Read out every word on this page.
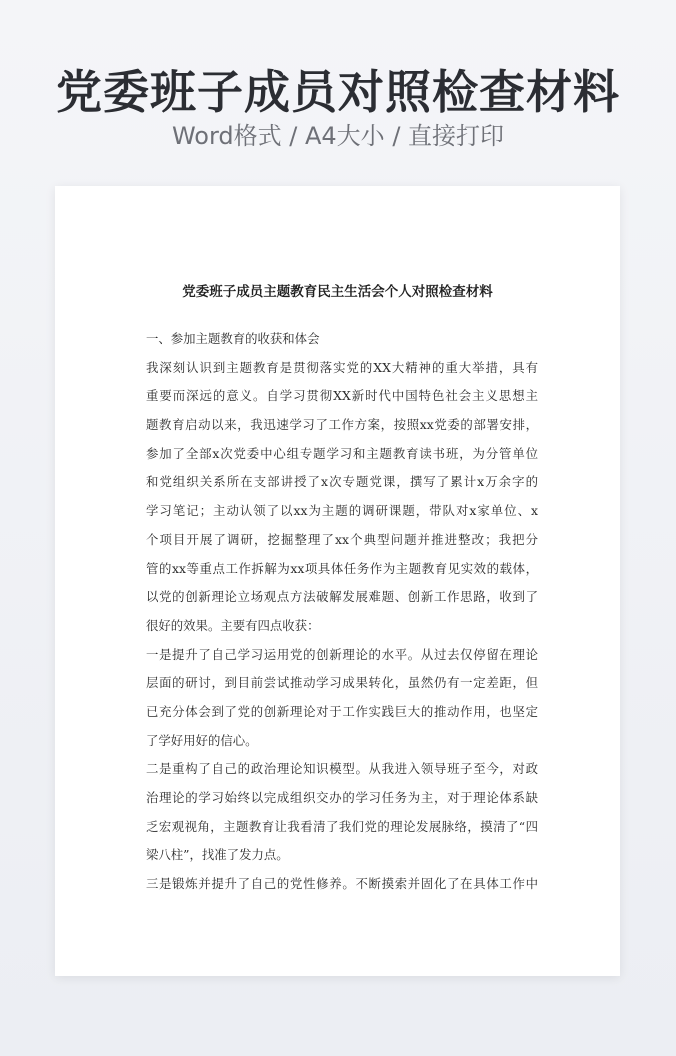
党委班子成员对照检查材料
Word格式 / A4大小 / 直接打印
党委班子成员主题教育民主生活会个人对照检查材料
一、参加主题教育的收获和体会
我深刻认识到主题教育是贯彻落实党的XX大精神的重大举措，具有
重要而深远的意义。自学习贯彻XX新时代中国特色社会主义思想主
题教育启动以来，我迅速学习了工作方案，按照xx党委的部署安排，
参加了全部x次党委中心组专题学习和主题教育读书班，为分管单位
和党组织关系所在支部讲授了x次专题党课，撰写了累计x万余字的
学习笔记；主动认领了以xx为主题的调研课题，带队对x家单位、x
个项目开展了调研，挖掘整理了xx个典型问题并推进整改；我把分
管的xx等重点工作拆解为xx项具体任务作为主题教育见实效的载体，
以党的创新理论立场观点方法破解发展难题、创新工作思路，收到了
很好的效果。主要有四点收获：
一是提升了自己学习运用党的创新理论的水平。从过去仅停留在理论
层面的研讨，到目前尝试推动学习成果转化，虽然仍有一定差距，但
已充分体会到了党的创新理论对于工作实践巨大的推动作用，也坚定
了学好用好的信心。
二是重构了自己的政治理论知识模型。从我进入领导班子至今，对政
治理论的学习始终以完成组织交办的学习任务为主，对于理论体系缺
乏宏观视角，主题教育让我看清了我们党的理论发展脉络，摸清了“四
梁八柱”，找准了发力点。
三是锻炼并提升了自己的党性修养。不断摸索并固化了在具体工作中
